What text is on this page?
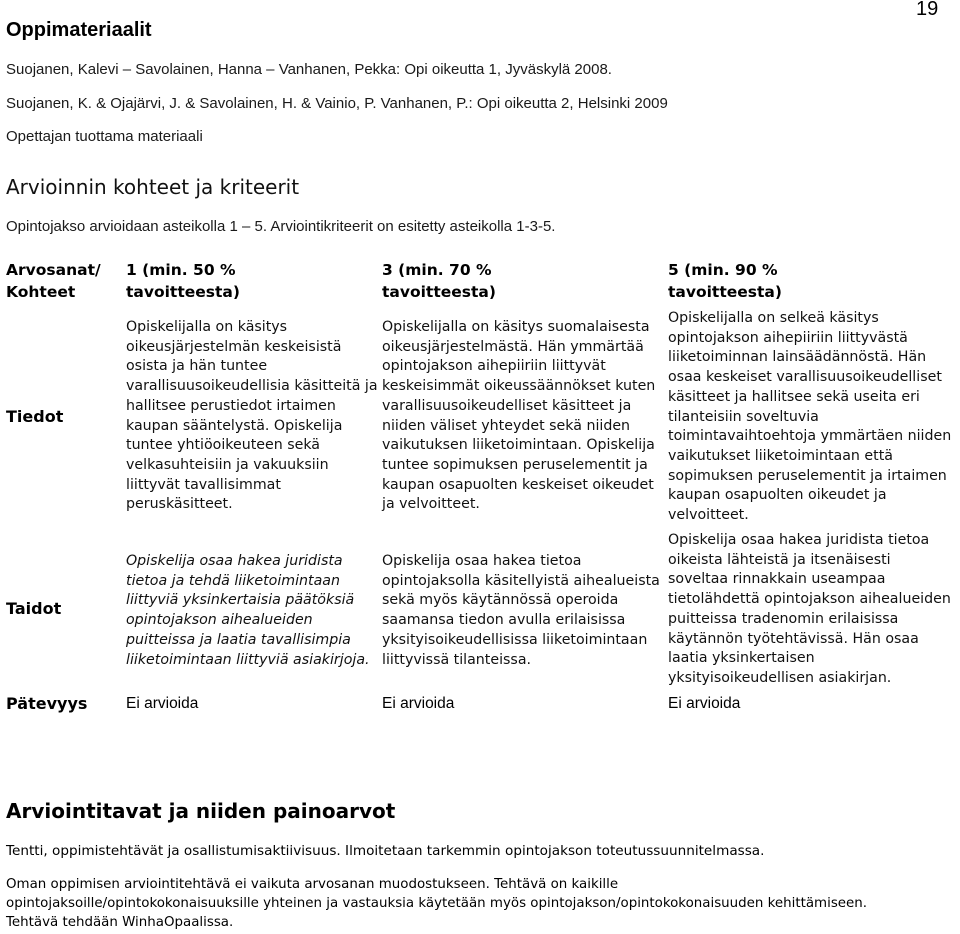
19
Oppimateriaalit
Suojanen, Kalevi – Savolainen, Hanna – Vanhanen, Pekka: Opi oikeutta 1, Jyväskylä 2008.
Suojanen, K. & Ojajärvi, J. & Savolainen, H. & Vainio, P. Vanhanen, P.: Opi oikeutta 2, Helsinki 2009
Opettajan tuottama materiaali
Arvioinnin kohteet ja kriteerit
Opintojakso arvioidaan asteikolla 1 – 5. Arviointikriteerit on esitetty asteikolla 1-3-5.
Arvosanat/
Kohteet
1 (min. 50 %
tavoitteesta)
3 (min. 70 %
tavoitteesta)
5 (min. 90 %
tavoitteesta)
Tiedot
Opiskelijalla on käsitys
oikeusjärjestelmän keskeisistä
osista ja hän tuntee
varallisuusoikeudellisia käsitteitä ja
hallitsee perustiedot irtaimen
kaupan sääntelystä. Opiskelija
tuntee yhtiöoikeuteen sekä
velkasuhteisiin ja vakuuksiin
liittyvät tavallisimmat
peruskäsitteet.
Opiskelijalla on käsitys suomalaisesta
oikeusjärjestelmästä. Hän ymmärtää
opintojakson aihepiiriin liittyvät
keskeisimmät oikeussäännökset kuten
varallisuusoikeudelliset käsitteet ja
niiden väliset yhteydet sekä niiden
vaikutuksen liiketoimintaan. Opiskelija
tuntee sopimuksen peruselementit ja
kaupan osapuolten keskeiset oikeudet
ja velvoitteet.
Opiskelijalla on selkeä käsitys
opintojakson aihepiiriin liittyvästä
liiketoiminnan lainsäädännöstä. Hän
osaa keskeiset varallisuusoikeudelliset
käsitteet ja hallitsee sekä useita eri
tilanteisiin soveltuvia
toimintavaihtoehtoja ymmärtäen niiden
vaikutukset liiketoimintaan että
sopimuksen peruselementit ja irtaimen
kaupan osapuolten oikeudet ja
velvoitteet.
Taidot
Opiskelija osaa hakea juridista
tietoa ja tehdä liiketoimintaan
liittyviä yksinkertaisia päätöksiä
opintojakson aihealueiden
puitteissa ja laatia tavallisimpia
liiketoimintaan liittyviä asiakirjoja.
Opiskelija osaa hakea tietoa
opintojaksolla käsitellyistä aihealueista
sekä myös käytännössä operoida
saamansa tiedon avulla erilaisissa
yksityisoikeudellisissa liiketoimintaan
liittyvissä tilanteissa.
Opiskelija osaa hakea juridista tietoa
oikeista lähteistä ja itsenäisesti
soveltaa rinnakkain useampaa
tietolähdettä opintojakson aihealueiden
puitteissa tradenomin erilaisissa
käytännön työtehtävissä. Hän osaa
laatia yksinkertaisen
yksityisoikeudellisen asiakirjan.
Pätevyys Ei arvioida	Ei arvioida	Ei arvioida
Arviointitavat ja niiden painoarvot
Tentti, oppimistehtävät ja osallistumisaktiivisuus. Ilmoitetaan tarkemmin opintojakson toteutussuunnitelmassa.
Oman oppimisen arviointitehtävä ei vaikuta arvosanan muodostukseen. Tehtävä on kaikille
opintojaksoille/opintokokonaisuuksille yhteinen ja vastauksia käytetään myös opintojakson/opintokokonaisuuden kehittämiseen.
Tehtävä tehdään WinhaOpaalissa.
